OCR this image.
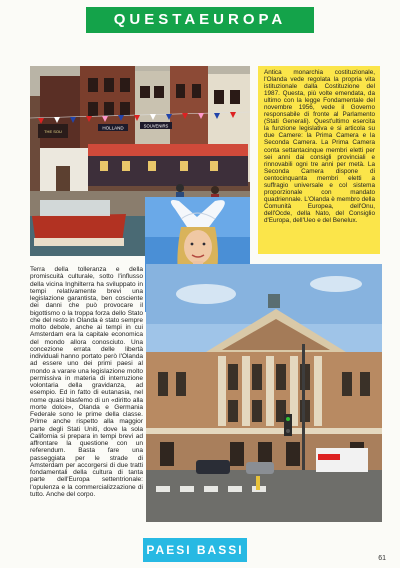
QUESTAEUROPA
HOLLAND	SOUVENIRS
THE SOU

Antica monarchia costituzionale, l'Olanda vede regolata la propria vita istituzionale dalla Costituzione del 1987. Questa, più volte emendata, da ultimo con la legge Fondamentale del novembre 1956, vede il Governo responsabile di fronte al Parlamento (Stati Generali). Quest'ultimo esercita la funzione legislativa e si articola su due Camere: la Prima Camera e la Seconda Camera. La Prima Camera conta settantacinque membri eletti per sei anni dai consigli provinciali e rinnovabili ogni tre anni per metà. La Seconda Camera dispone di centocinquanta membri eletti a suffragio universale e col sistema proporzionale con mandato quadriennale. L'Olanda è membro della Comunità Europea, dell'Onu, dell'Ocde, della Nato, del Consiglio d'Europa, dell'Ueo e del Benelux.

Terra della tolleranza e della promiscuità culturale, sotto l'influsso della vicina Inghilterra ha sviluppato in tempi relativamente brevi una legislazione garantista, ben cosciente dei danni che può provocare il bigottismo o la troppa forza dello Stato che del resto in Olanda è stato sempre molto debole, anche ai tempi in cui Amsterdam era la capitale economica del mondo allora conosciuto. Una concezione errata delle libertà individuali hanno portato però l'Olanda ad essere uno dei primi paesi al mondo a varare una legislazione molto permissiva in materia di interruzione volontaria della gravidanza, ad esempio. Ed in fatto di eutanasia, nel nome quasi blasfemo di un «diritto alla morte dolce», Olanda e Germania Federale sono le prime della classe. Prime anche rispetto alla maggior parte degli Stati Uniti, dove la sola California si prepara in tempi brevi ad affrontare la questione con un referendum. Basta fare una passeggiata per le strade di Amsterdam per accorgersi di due tratti fondamentali della cultura di tanta parte dell'Europa settentrionale: l'opulenza e la commercializzazione di tutto. Anche del corpo.

PAESI BASSI
61
